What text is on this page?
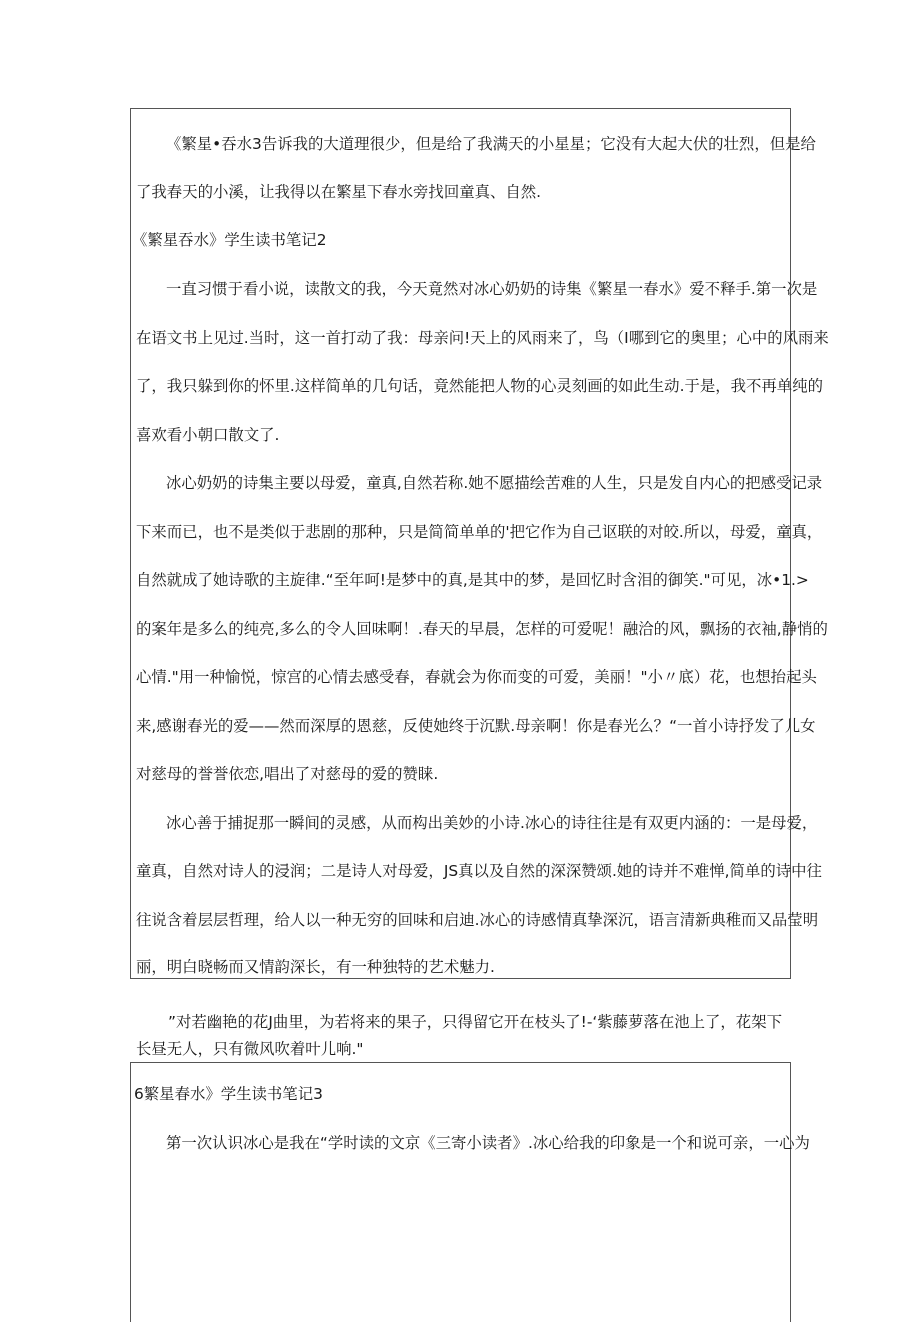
《繁星•吞水3告诉我的大道理很少，但是给了我满天的小星星；它没有大起大伏的壮烈，但是给
了我春天的小溪，让我得以在繁星下春水旁找回童真、自然.
《繁星吞水》学生读书笔记2
一直习惯于看小说，读散文的我，今天竟然对冰心奶奶的诗集《繁星一春水》爱不释手.第一次是
在语文书上见过.当时，这一首打动了我：母亲问!天上的风雨来了，鸟（I哪到它的奥里；心中的风雨来
了，我只躲到你的怀里.这样简单的几句话，竟然能把人物的心灵刻画的如此生动.于是，我不再单纯的
喜欢看小朝口散文了.
冰心奶奶的诗集主要以母爱，童真,自然若称.她不愿描绘苦难的人生，只是发自内心的把感受记录
下来而已，也不是类似于悲剧的那种，只是简简单单的'把它作为自己讴联的对皎.所以，母爱，童真，
自然就成了她诗歌的主旋律.“至年呵!是梦中的真,是其中的梦，是回忆时含泪的御笑."可见，冰•1.>
的案年是多么的纯亮,多么的令人回味啊！.春天的早晨，怎样的可爱呢！融洽的风，飘扬的衣袖,静悄的
心情."用一种愉悦，惊宫的心情去感受春，春就会为你而变的可爱，美丽！"小〃底）花，也想抬起头
来,感谢春光的爱——然而深厚的恩慈，反使她终于沉默.母亲啊！你是春光么？“一首小诗抒发了儿女
对慈母的誉誉依恋,唱出了对慈母的爱的赞睐.
冰心善于捕捉那一瞬间的灵感，从而构出美妙的小诗.冰心的诗往往是有双更内涵的：一是母爱，
童真，自然对诗人的浸润；二是诗人对母爱，JS真以及自然的深深赞颂.她的诗并不难惮,简单的诗中往
往说含着层层哲理，给人以一种无穷的回味和启迪.冰心的诗感情真挚深沉，语言清新典稚而又品莹明
丽，明白晓畅而又情韵深长，有一种独特的艺术魅力.
”对若幽艳的花J曲里，为若将来的果子，只得留它开在枝头了!-‘紫藤萝落在池上了，花架下
长昼无人，只有微风吹着叶儿响."
6繁星春水》学生读书笔记3
第一次认识冰心是我在“学时读的文京《三寄小读者》.冰心给我的印象是一个和说可亲，一心为
